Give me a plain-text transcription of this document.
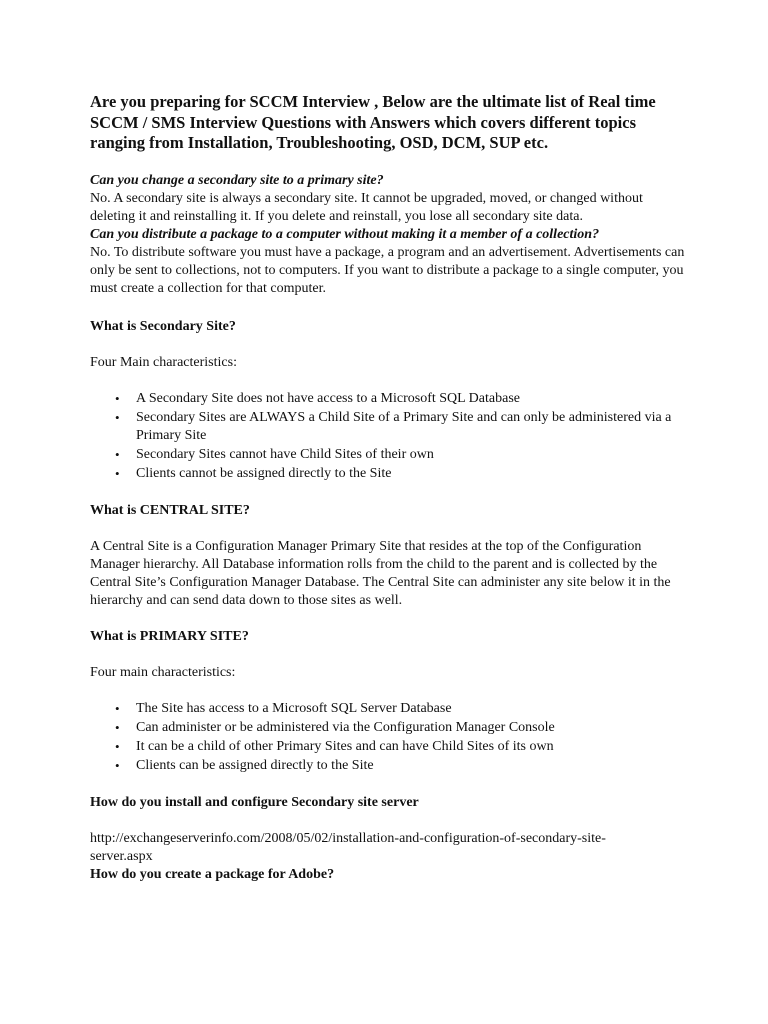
Are you preparing for SCCM Interview , Below are the ultimate list of Real time SCCM / SMS Interview Questions with Answers which covers different topics ranging from Installation, Troubleshooting, OSD, DCM, SUP etc.

Can you change a secondary site to a primary site?

No. A secondary site is always a secondary site. It cannot be upgraded, moved, or changed without deleting it and reinstalling it. If you delete and reinstall, you lose all secondary site data.

Can you distribute a package to a computer without making it a member of a collection?

No. To distribute software you must have a package, a program and an advertisement. Advertisements can only be sent to collections, not to computers. If you want to distribute a package to a single computer, you must create a collection for that computer.

What is Secondary Site?

Four Main characteristics:

• A Secondary Site does not have access to a Microsoft SQL Database
• Secondary Sites are ALWAYS a Child Site of a Primary Site and can only be administered via a Primary Site
• Secondary Sites cannot have Child Sites of their own
• Clients cannot be assigned directly to the Site

What is CENTRAL SITE?

A Central Site is a Configuration Manager Primary Site that resides at the top of the Configuration Manager hierarchy. All Database information rolls from the child to the parent and is collected by the Central Site’s Configuration Manager Database. The Central Site can administer any site below it in the hierarchy and can send data down to those sites as well.

What is PRIMARY SITE?

Four main characteristics:

• The Site has access to a Microsoft SQL Server Database
• Can administer or be administered via the Configuration Manager Console
• It can be a child of other Primary Sites and can have Child Sites of its own
• Clients can be assigned directly to the Site

How do you install and configure Secondary site server

http://exchangeserverinfo.com/2008/05/02/installation-and-configuration-of-secondary-site-server.aspx

How do you create a package for Adobe?
